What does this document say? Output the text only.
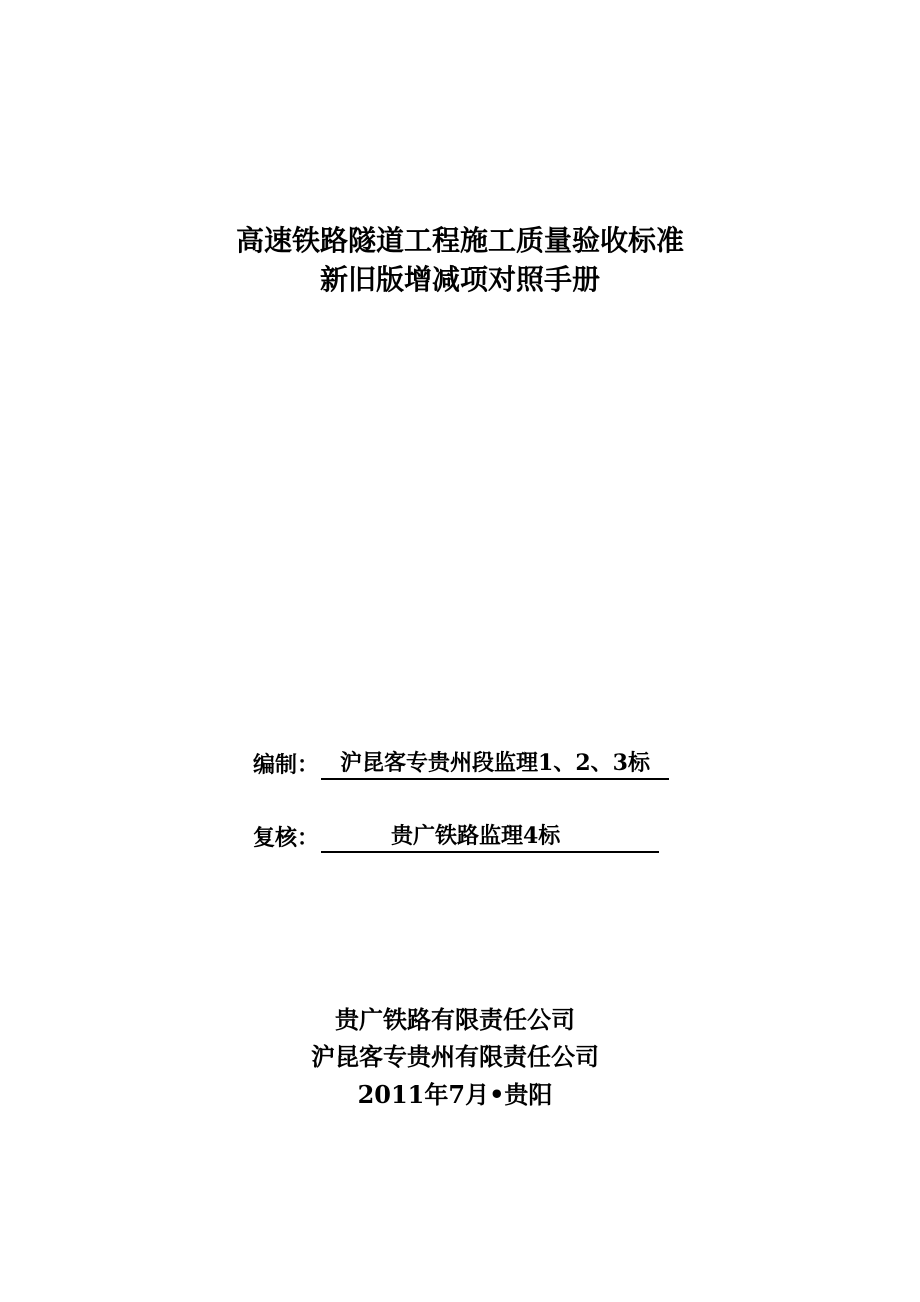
高速铁路隧道工程施工质量验收标准
新旧版增减项对照手册
编制： 沪昆客专贵州段监理1、2、3标
复核：	贵广铁路监理4标
贵广铁路有限责任公司
沪昆客专贵州有限责任公司
2011年7月•贵阳
